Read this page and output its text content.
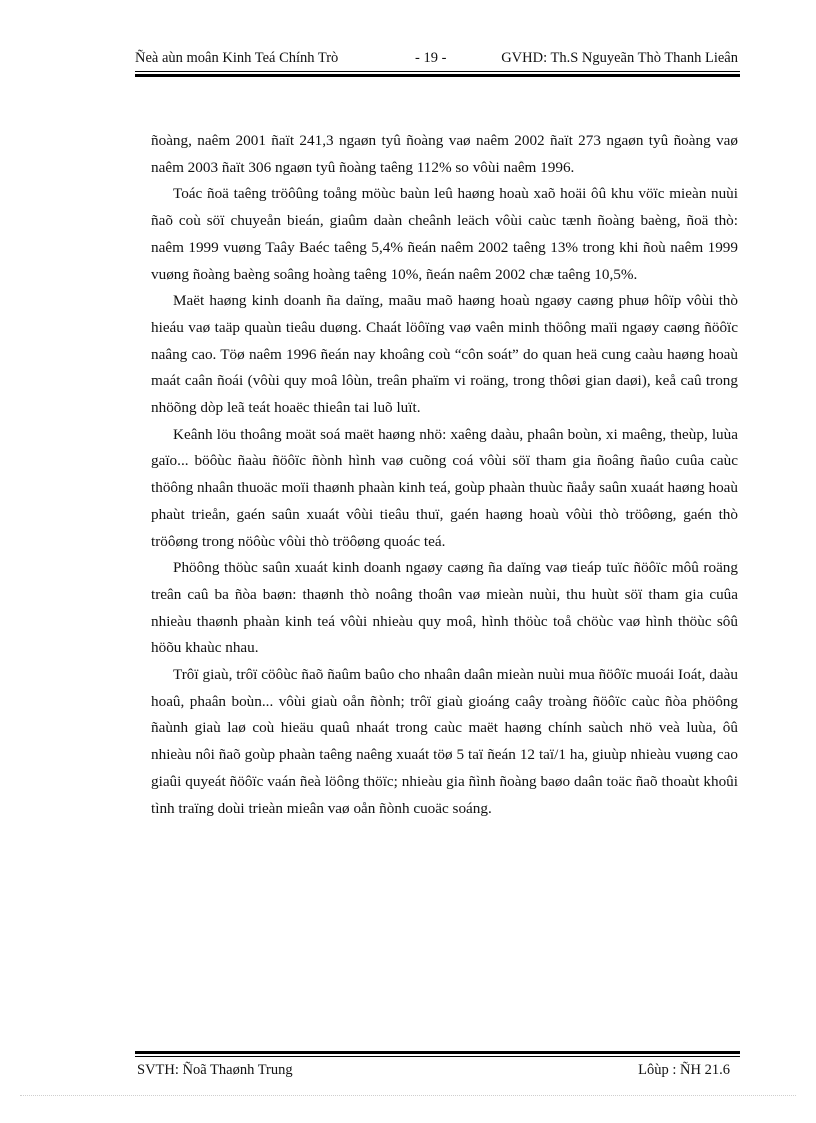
Ñeà aùn moân Kinh Teá Chính Trò	- 19 -	GVHD: Th.S Nguyeãn Thò Thanh Lieân

ñoàng, naêm 2001 ñaït 241,3 ngaøn tyû ñoàng vaø naêm 2002 ñaït 273 ngaøn tyû ñoàng vaø naêm 2003 ñaït 306 ngaøn tyû ñoàng taêng 112% so vôùi naêm 1996.

Toác ñoä taêng tröôûng toång möùc baùn leû haøng hoaù xaõ hoäi ôû khu vöïc mieàn nuùi ñaõ coù söï chuyeån bieán, giaûm daàn cheânh leäch vôùi caùc tænh ñoàng baèng, ñoä thò: naêm 1999 vuøng Taây Baéc taêng 5,4% ñeán naêm 2002 taêng 13% trong khi ñoù naêm 1999 vuøng ñoàng baèng soâng hoàng taêng 10%, ñeán naêm 2002 chæ taêng 10,5%.

Maët haøng kinh doanh ña daïng, maãu maõ haøng hoaù ngaøy caøng phuø hôïp vôùi thò hieáu vaø taäp quaùn tieâu duøng. Chaát löôïng vaø vaên minh thöông maïi ngaøy caøng ñöôïc naâng cao. Töø naêm 1996 ñeán nay khoâng coù “côn soát” do quan heä cung caàu haøng hoaù maát caân ñoái (vôùi quy moâ lôùn, treân phaïm vi roäng, trong thôøi gian daøi), keå caû trong nhöõng dòp leã teát hoaëc thieân tai luõ luït.

Keânh löu thoâng moät soá maët haøng nhö: xaêng daàu, phaân boùn, xi maêng, theùp, luùa gaïo... böôùc ñaàu ñöôïc ñònh hình vaø cuõng coá vôùi söï tham gia ñoâng ñaûo cuûa caùc thöông nhaân thuoäc moïi thaønh phaàn kinh teá, goùp phaàn thuùc ñaåy saûn xuaát haøng hoaù phaùt trieån, gaén saûn xuaát vôùi tieâu thuï, gaén haøng hoaù vôùi thò tröôøng, gaén thò tröôøng trong nöôùc vôùi thò tröôøng quoác teá.

Phöông thöùc saûn xuaát kinh doanh ngaøy caøng ña daïng vaø tieáp tuïc ñöôïc môû roäng treân caû ba ñòa baøn: thaønh thò noâng thoân vaø mieàn nuùi, thu huùt söï tham gia cuûa nhieàu thaønh phaàn kinh teá vôùi nhieàu quy moâ, hình thöùc toå chöùc vaø hình thöùc sôû höõu khaùc nhau.

Trôï giaù, trôï cöôùc ñaõ ñaûm baûo cho nhaân daân mieàn nuùi mua ñöôïc muoái Ioát, daàu hoaû, phaân boùn... vôùi giaù oån ñònh; trôï giaù gioáng caây troàng ñöôïc caùc ñòa phöông ñaùnh giaù laø coù hieäu quaû nhaát trong caùc maët haøng chính saùch nhö veà luùa, ôû nhieàu nôi ñaõ goùp phaàn taêng naêng xuaát töø 5 taï ñeán 12 taï/1 ha, giuùp nhieàu vuøng cao giaûi quyeát ñöôïc vaán ñeà löông thöïc; nhieàu gia ñình ñoàng baøo daân toäc ñaõ thoaùt khoûi tình traïng doùi trieàn mieân vaø oån ñònh cuoäc soáng.

SVTH: Ñoã Thaønh Trung	Lôùp : ÑH 21.6
